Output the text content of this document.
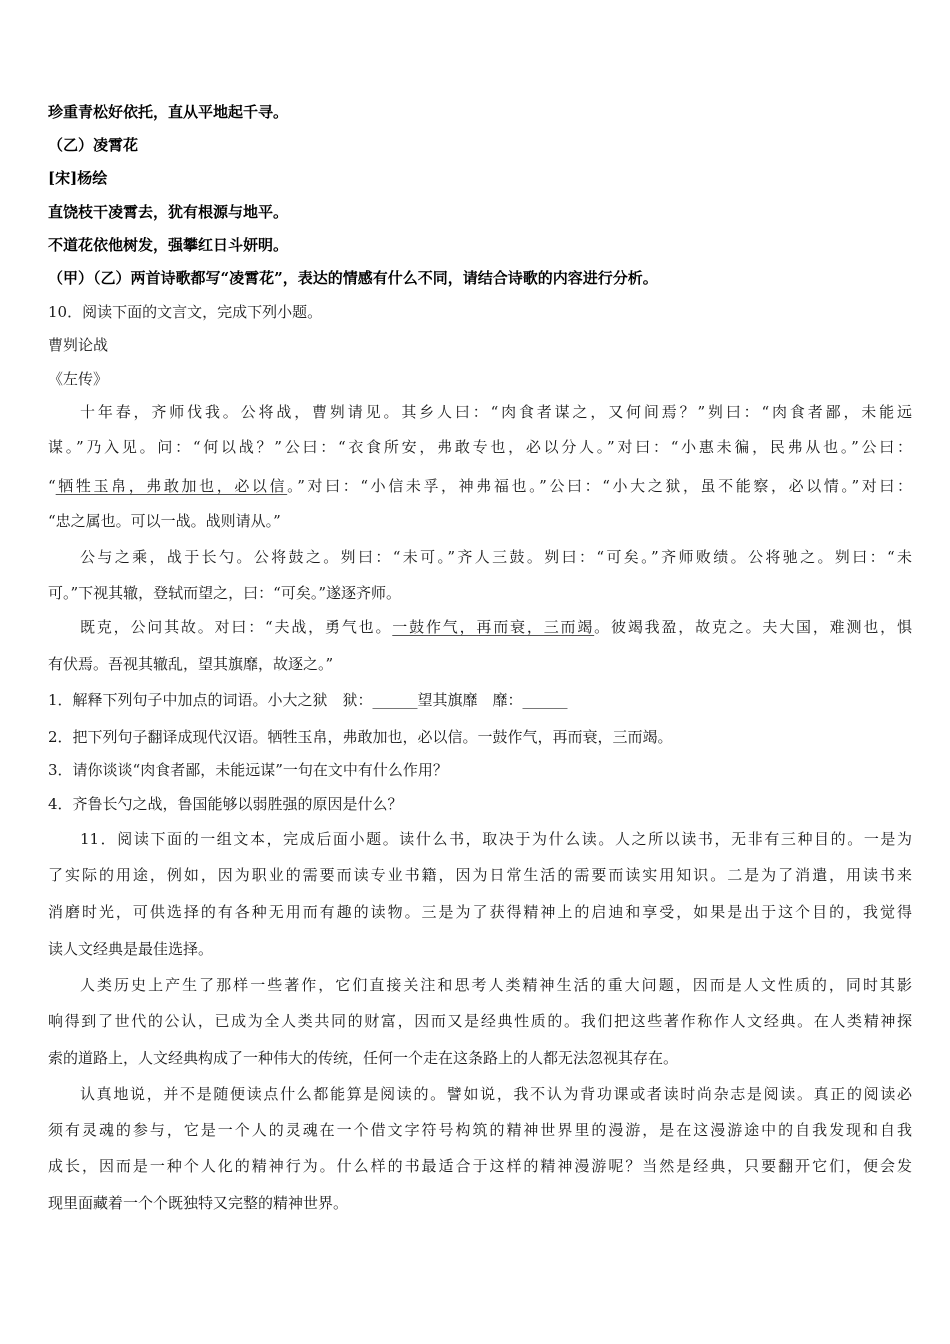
珍重青松好依托，直从平地起千寻。
（乙）凌霄花
[宋]杨绘
直饶枝干凌霄去，犹有根源与地平。
不道花依他树发，强攀红日斗妍明。
（甲）（乙）两首诗歌都写“凌霄花”，表达的情感有什么不同，请结合诗歌的内容进行分析。
10．阅读下面的文言文，完成下列小题。
曹刿论战
《左传》
十年春，齐师伐我。公将战，曹刿请见。其乡人曰：“肉食者谋之，又何间焉？”刿曰：“肉食者鄙，未能远
谋。”乃入见。问：“何以战？”公曰：“衣食所安，弗敢专也，必以分人。”对曰：“小惠未徧，民弗从也。”公曰：
“牺牲玉帛，弗敢加也，必以信。”对曰：“小信未孚，神弗福也。”公曰：“小大之狱，虽不能察，必以情。”对曰：
“忠之属也。可以一战。战则请从。”
公与之乘，战于长勺。公将鼓之。刿曰：“未可。”齐人三鼓。刿曰：“可矣。”齐师败绩。公将驰之。刿曰：“未
可。”下视其辙，登轼而望之，曰：“可矣。”遂逐齐师。
既克，公问其故。对曰：“夫战，勇气也。一鼓作气，再而衰，三而竭。彼竭我盈，故克之。夫大国，难测也，惧
有伏焉。吾视其辙乱，望其旗靡，故逐之。”
1．解释下列句子中加点的词语。小大之狱　狱：______望其旗靡　靡：______
2．把下列句子翻译成现代汉语。牺牲玉帛，弗敢加也，必以信。一鼓作气，再而衰，三而竭。
3．请你谈谈“肉食者鄙，未能远谋”一句在文中有什么作用？
4．齐鲁长勺之战，鲁国能够以弱胜强的原因是什么？
11．阅读下面的一组文本，完成后面小题。读什么书，取决于为什么读。人之所以读书，无非有三种目的。一是为
了实际的用途，例如，因为职业的需要而读专业书籍，因为日常生活的需要而读实用知识。二是为了消遣，用读书来
消磨时光，可供选择的有各种无用而有趣的读物。三是为了获得精神上的启迪和享受，如果是出于这个目的，我觉得
读人文经典是最佳选择。
人类历史上产生了那样一些著作，它们直接关注和思考人类精神生活的重大问题，因而是人文性质的，同时其影
响得到了世代的公认，已成为全人类共同的财富，因而又是经典性质的。我们把这些著作称作人文经典。在人类精神探
索的道路上，人文经典构成了一种伟大的传统，任何一个走在这条路上的人都无法忽视其存在。
认真地说，并不是随便读点什么都能算是阅读的。譬如说，我不认为背功课或者读时尚杂志是阅读。真正的阅读必
须有灵魂的参与，它是一个人的灵魂在一个借文字符号构筑的精神世界里的漫游，是在这漫游途中的自我发现和自我
成长，因而是一种个人化的精神行为。什么样的书最适合于这样的精神漫游呢？当然是经典，只要翻开它们，便会发
现里面藏着一个个既独特又完整的精神世界。
